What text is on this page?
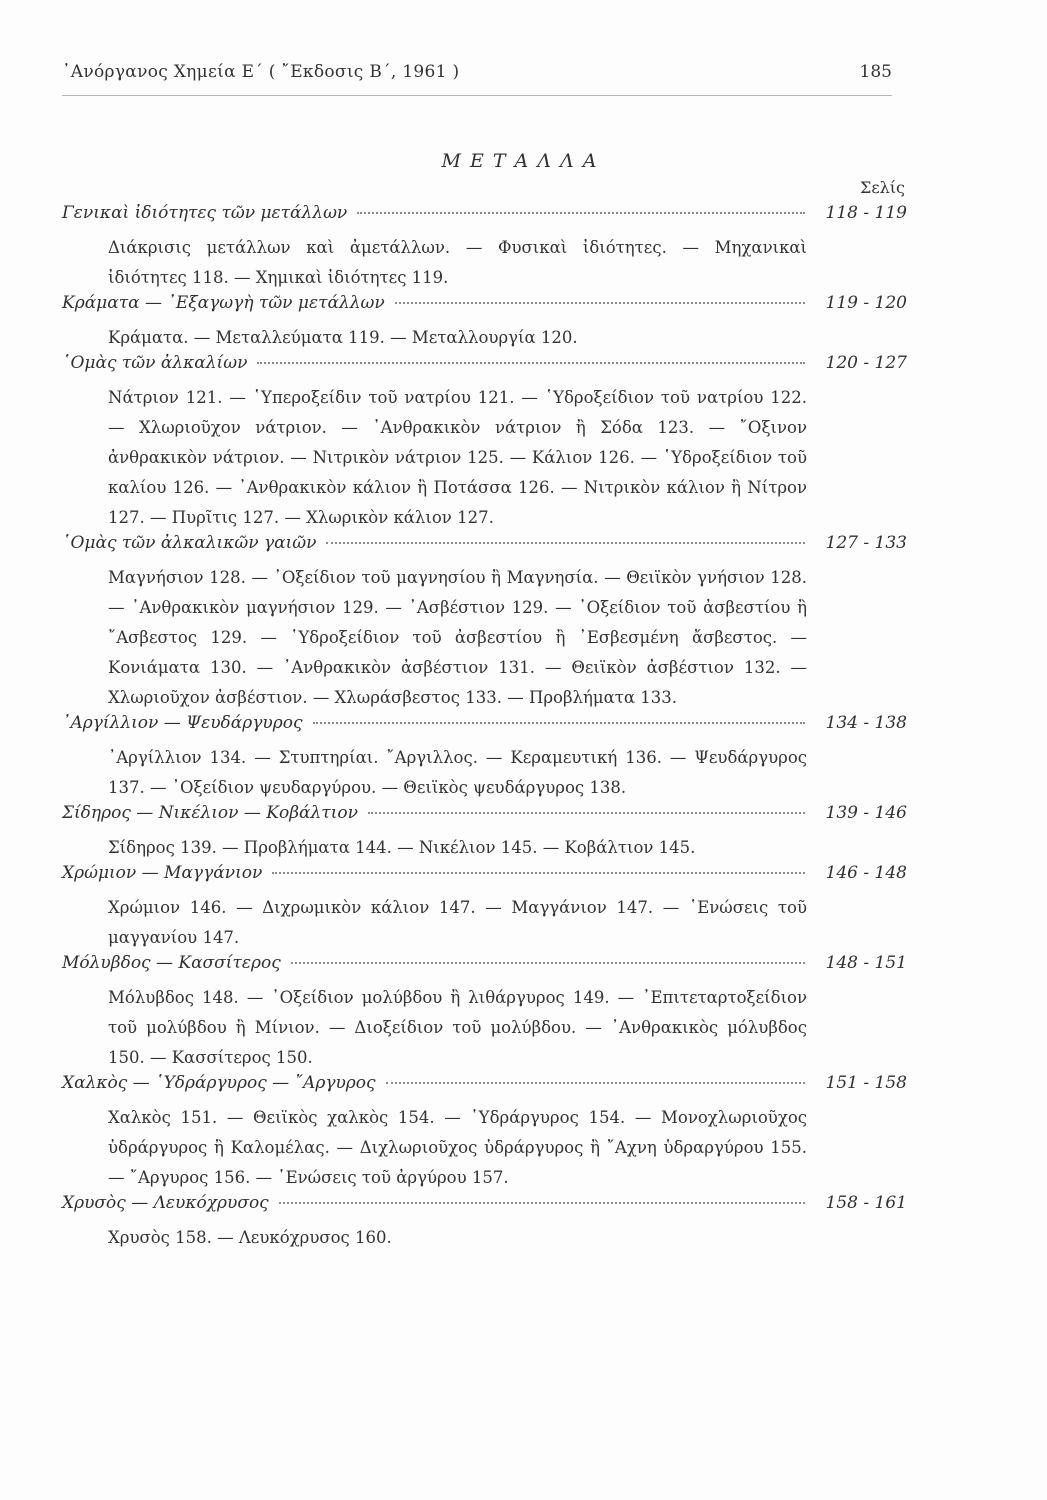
᾿Ανόργανος Χημεία Ε΄ ( ῎Εκδοσις Β΄, 1961 )	185
ΜΕΤΑΛΛΑ
Σελίς
Γενικαὶ ἰδιότητες τῶν μετάλλων	118 - 119
Διάκρισις μετάλλων καὶ ἀμετάλλων. — Φυσικαὶ ἰδιότητες. — Μηχανικαὶ ἰδιότητες 118. — Χημικαὶ ἰδιότητες 119.
Κράματα — ᾿Εξαγωγὴ τῶν μετάλλων	119 - 120
Κράματα. — Μεταλλεύματα 119. — Μεταλλουργία 120.
῾Ομὰς τῶν ἀλκαλίων	120 - 127
Νάτριον 121. — ῾Υπεροξείδιν τοῦ νατρίου 121. — ῾Υδροξείδιον τοῦ νατρίου 122. — Χλωριοῦχον νάτριον. — ᾿Ανθρακικὸν νάτριον ἢ Σόδα 123. — ῎Οξινον ἀνθρακικὸν νάτριον. — Νιτρικὸν νάτριον 125. — Κάλιον 126. — ῾Υδροξείδιον τοῦ καλίου 126. — ᾿Ανθρακικὸν κάλιον ἢ Ποτάσσα 126. — Νιτρικὸν κάλιον ἢ Νίτρον 127. — Πυρῖτις 127. — Χλωρικὸν κάλιον 127.
῾Ομὰς τῶν ἀλκαλικῶν γαιῶν	127 - 133
Μαγνήσιον 128. — ᾿Οξείδιον τοῦ μαγνησίου ἢ Μαγνησία. — Θειϊκὸν γνήσιον 128. — ᾿Ανθρακικὸν μαγνήσιον 129. — ᾿Ασβέστιον 129. — ᾿Οξείδιον τοῦ ἀσβεστίου ἢ ῎Ασβεστος 129. — ῾Υδροξείδιον τοῦ ἀσβεστίου ἢ ᾿Εσβεσμένη ἄσβεστος. — Κονιάματα 130. — ᾿Ανθρακικὸν ἀσβέστιον 131. — Θειϊκὸν ἀσβέστιον 132. — Χλωριοῦχον ἀσβέστιον. — Χλωράσβεστος 133. — Προβλήματα 133.
᾿Αργίλλιον — Ψευδάργυρος	134 - 138
᾿Αργίλλιον 134. — Στυπτηρίαι. ῎Αργιλλος. — Κεραμευτική 136. — Ψευδάργυρος 137. — ᾿Οξείδιον ψευδαργύρου. — Θειϊκὸς ψευδάργυρος 138.
Σίδηρος — Νικέλιον — Κοβάλτιον	139 - 146
Σίδηρος 139. — Προβλήματα 144. — Νικέλιον 145. — Κοβάλτιον 145.
Χρώμιον — Μαγγάνιον	146 - 148
Χρώμιον 146. — Διχρωμικὸν κάλιον 147. — Μαγγάνιον 147. — ῾Ενώσεις τοῦ μαγγανίου 147.
Μόλυβδος — Κασσίτερος	148 - 151
Μόλυβδος 148. — ᾿Οξείδιον μολύβδου ἢ λιθάργυρος 149. — ᾿Επιτεταρτοξείδιον τοῦ μολύβδου ἢ Μίνιον. — Διοξείδιον τοῦ μολύβδου. — ᾿Ανθρακικὸς μόλυβδος 150. — Κασσίτερος 150.
Χαλκὸς — ῾Υδράργυρος — ῎Αργυρος	151 - 158
Χαλκὸς 151. — Θειϊκὸς χαλκὸς 154. — ῾Υδράργυρος 154. — Μονοχλωριοῦχος ὑδράργυρος ἢ Καλομέλας. — Διχλωριοῦχος ὑδράργυρος ἢ ῎Αχνη ὑδραργύρου 155. — ῎Αργυρος 156. — ῾Ενώσεις τοῦ ἀργύρου 157.
Χρυσὸς — Λευκόχρυσος	158 - 161
Χρυσὸς 158. — Λευκόχρυσος 160.
